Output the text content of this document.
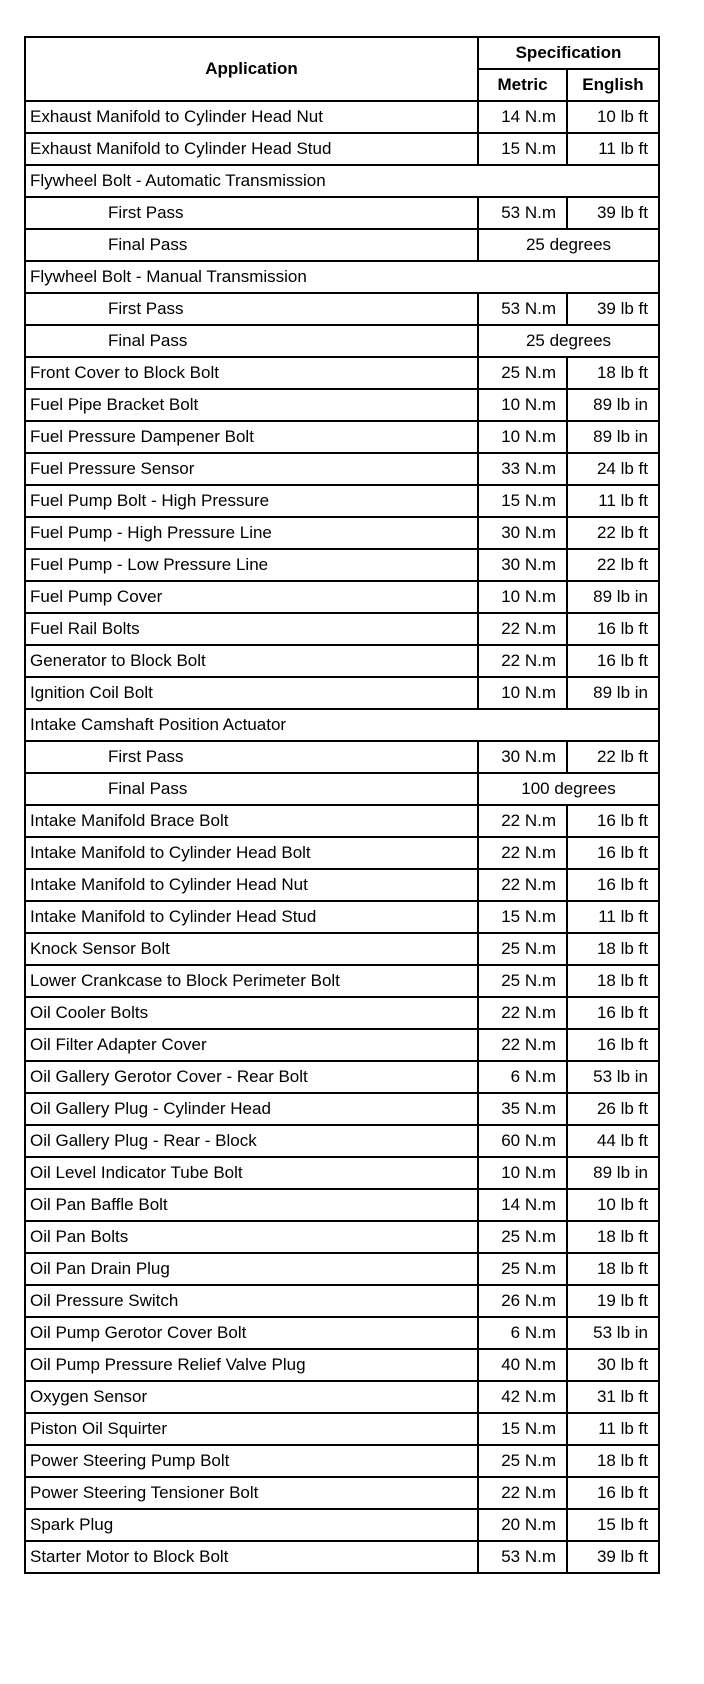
Application	Specification	
	Metric	English
Exhaust Manifold to Cylinder Head Nut	14 N.m	10 lb ft
Exhaust Manifold to Cylinder Head Stud	15 N.m	11 lb ft
Flywheel Bolt - Automatic Transmission		
First Pass	53 N.m	39 lb ft
Final Pass	25 degrees	
Flywheel Bolt - Manual Transmission		
First Pass	53 N.m	39 lb ft
Final Pass	25 degrees	
Front Cover to Block Bolt	25 N.m	18 lb ft
Fuel Pipe Bracket Bolt	10 N.m	89 lb in
Fuel Pressure Dampener Bolt	10 N.m	89 lb in
Fuel Pressure Sensor	33 N.m	24 lb ft
Fuel Pump Bolt - High Pressure	15 N.m	11 lb ft
Fuel Pump - High Pressure Line	30 N.m	22 lb ft
Fuel Pump - Low Pressure Line	30 N.m	22 lb ft
Fuel Pump Cover	10 N.m	89 lb in
Fuel Rail Bolts	22 N.m	16 lb ft
Generator to Block Bolt	22 N.m	16 lb ft
Ignition Coil Bolt	10 N.m	89 lb in
Intake Camshaft Position Actuator		
First Pass	30 N.m	22 lb ft
Final Pass	100 degrees	
Intake Manifold Brace Bolt	22 N.m	16 lb ft
Intake Manifold to Cylinder Head Bolt	22 N.m	16 lb ft
Intake Manifold to Cylinder Head Nut	22 N.m	16 lb ft
Intake Manifold to Cylinder Head Stud	15 N.m	11 lb ft
Knock Sensor Bolt	25 N.m	18 lb ft
Lower Crankcase to Block Perimeter Bolt	25 N.m	18 lb ft
Oil Cooler Bolts	22 N.m	16 lb ft
Oil Filter Adapter Cover	22 N.m	16 lb ft
Oil Gallery Gerotor Cover - Rear Bolt	6 N.m	53 lb in
Oil Gallery Plug - Cylinder Head	35 N.m	26 lb ft
Oil Gallery Plug - Rear - Block	60 N.m	44 lb ft
Oil Level Indicator Tube Bolt	10 N.m	89 lb in
Oil Pan Baffle Bolt	14 N.m	10 lb ft
Oil Pan Bolts	25 N.m	18 lb ft
Oil Pan Drain Plug	25 N.m	18 lb ft
Oil Pressure Switch	26 N.m	19 lb ft
Oil Pump Gerotor Cover Bolt	6 N.m	53 lb in
Oil Pump Pressure Relief Valve Plug	40 N.m	30 lb ft
Oxygen Sensor	42 N.m	31 lb ft
Piston Oil Squirter	15 N.m	11 lb ft
Power Steering Pump Bolt	25 N.m	18 lb ft
Power Steering Tensioner Bolt	22 N.m	16 lb ft
Spark Plug	20 N.m	15 lb ft
Starter Motor to Block Bolt	53 N.m	39 lb ft
